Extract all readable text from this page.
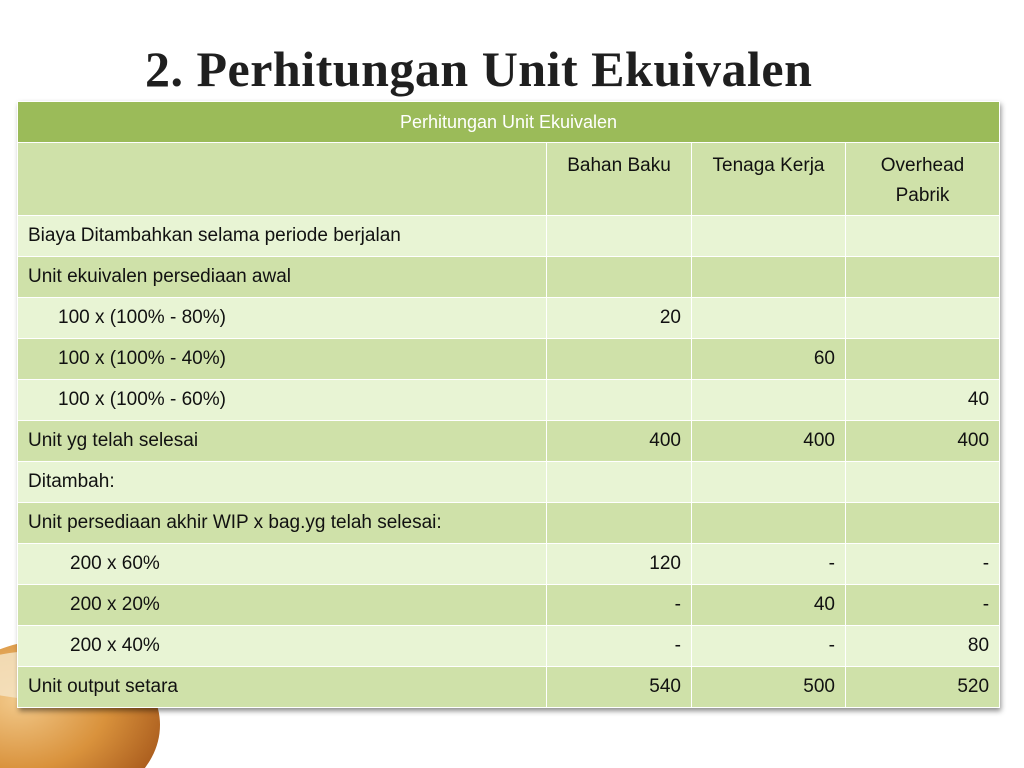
2. Perhitungan Unit Ekuivalen
Perhitungan Unit Ekuivalen			
	Bahan Baku	Tenaga Kerja	Overhead Pabrik
Biaya Ditambahkan selama periode berjalan			
Unit ekuivalen persediaan awal			
100 x (100% - 80%)	20		
100 x (100% - 40%)		60	
100 x (100% - 60%)			40
Unit yg telah selesai	400	400	400
Ditambah:			
Unit persediaan akhir WIP x bag.yg telah selesai:			
200 x 60%	120	-	-
200 x 20%	-	40	-
200 x 40%	-	-	80
Unit output setara	540	500	520
